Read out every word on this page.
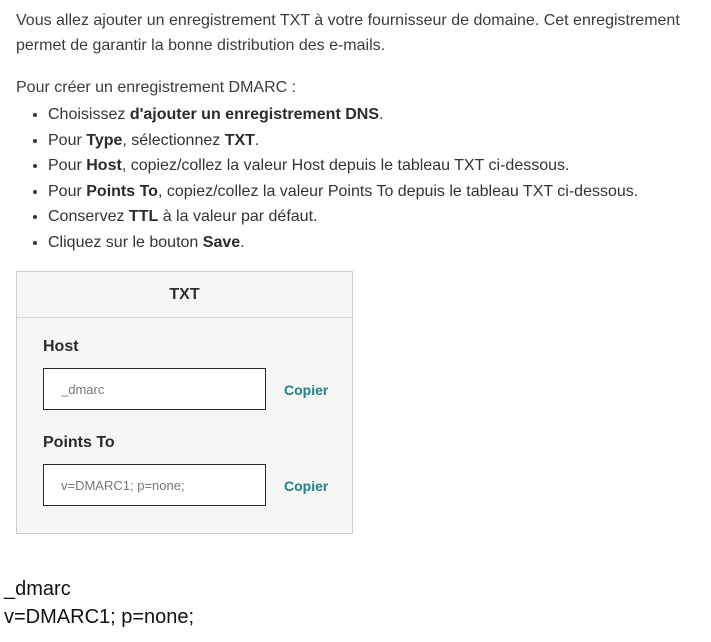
Vous allez ajouter un enregistrement TXT à votre fournisseur de domaine. Cet enregistrement permet de garantir la bonne distribution des e-mails.

Pour créer un enregistrement DMARC :

• Choisissez d'ajouter un enregistrement DNS.
• Pour Type, sélectionnez TXT.
• Pour Host, copiez/collez la valeur Host depuis le tableau TXT ci-dessous.
• Pour Points To, copiez/collez la valeur Points To depuis le tableau TXT ci-dessous.
• Conservez TTL à la valeur par défaut.
• Cliquez sur le bouton Save.
TXT
Host
_dmarc
Copier
Points To
v=DMARC1; p=none;
Copier
_dmarc
v=DMARC1; p=none;
